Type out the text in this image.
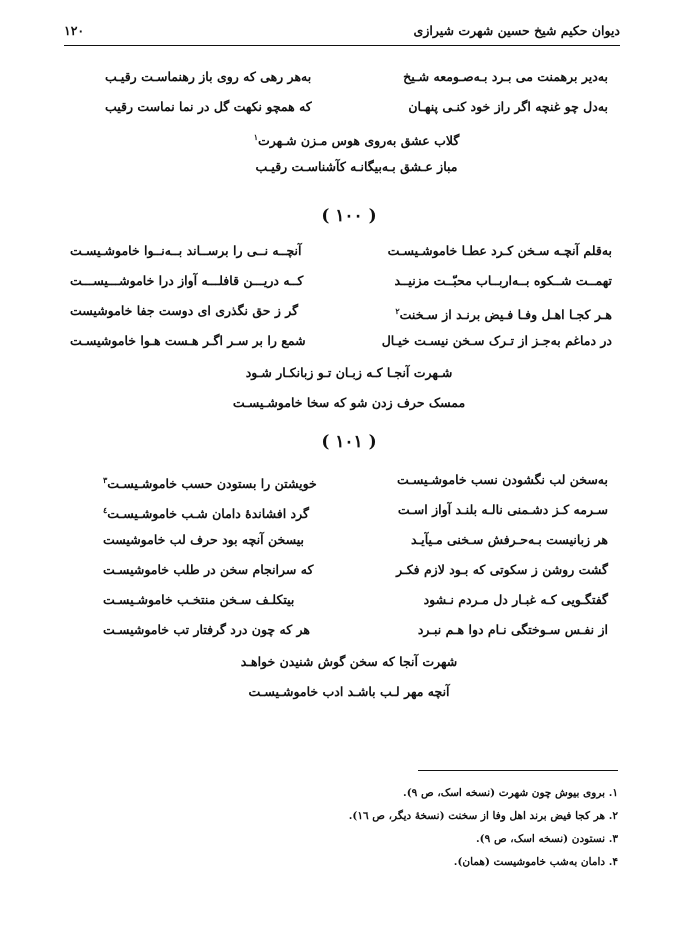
۱۲۰	دیوان حکیم شیخ حسین شهرت شیرازی
بەدیر برهمنت می بـرد بـەصـومعه شـیخ
بەهر رهی که روی باز رهنماسـت رقیـب
بەدل چو غنچه اگر راز خود کنـی پنهـان
که همچو نکهت گل در نما نماست رقیب
گلاب عشق بەروی هوس مـزن شـهرت$^۱$
مباز عـشق بـەبیگانـه کآشناسـت رقیـب
( ۱۰۰ )
بەقلم آنچـه سـخن کـرد عطـا خاموشـیسـت
آنچــه نــی را برســاند بــەنــوا خاموشـیسـت
تهمــت شــکوه بــەاربــاب محبّــت مزنیــد
کــه دریـــن قافلـــه آواز درا خاموشـــیســـت
هـر کجـا اهـل وفـا فـیض برنـد از سـخنت$^۲$
گر ز حق نگذری ای دوست جفا خاموشیست
در دماغم بەجـز از تـرک سـخن نیسـت خیـال
شمع را بر سـر اگـر هـست هـوا خاموشیسـت
شـهرت آنجـا کـه زبـان تـو زبانکـار شـود
ممسک حرف زدن شو که سخا خاموشـیسـت
( ۱۰۱ )
بەسخن لب نگشودن نسب خاموشـیسـت
خویشتن را بستودن حسب خاموشـیسـت$^۳$
سـرمه کـز دشـمنی نالـه بلنـد آواز اسـت
گرد افشاندهٔ دامان شـب خاموشـیسـت$^٤$
هر زبانیست بـەحـرفش سـخنی مـیآیـد
بیسخن آنچه بود حرف لب خاموشیست
گشت روشن ز سکوتی که بـود لازم فکـر
که سرانجام سخن در طلب خاموشیسـت
گفتگـویی کـه غبـار دل مـردم نـشود
بیتکلـف سـخن منتخـب خاموشـیسـت
از نفـس سـوختگی نـام دوا هـم نبـرد
هر که چون درد گرفتار تب خاموشیسـت
شهرت آنجا که سخن گوش شنیدن خواهـد
آنچه مهر لـب باشـد ادب خاموشـیسـت
۱. بروی بیوش چون شهرت (نسخه اسک، ص ۹).
۲. هر کجا فیض برند اهل وفا از سخنت (نسخهٔ دیگر، ص ۱٦).
۳. نستودن (نسخه اسک، ص ۹).
۴. دامان بەشب خاموشیست (همان).
